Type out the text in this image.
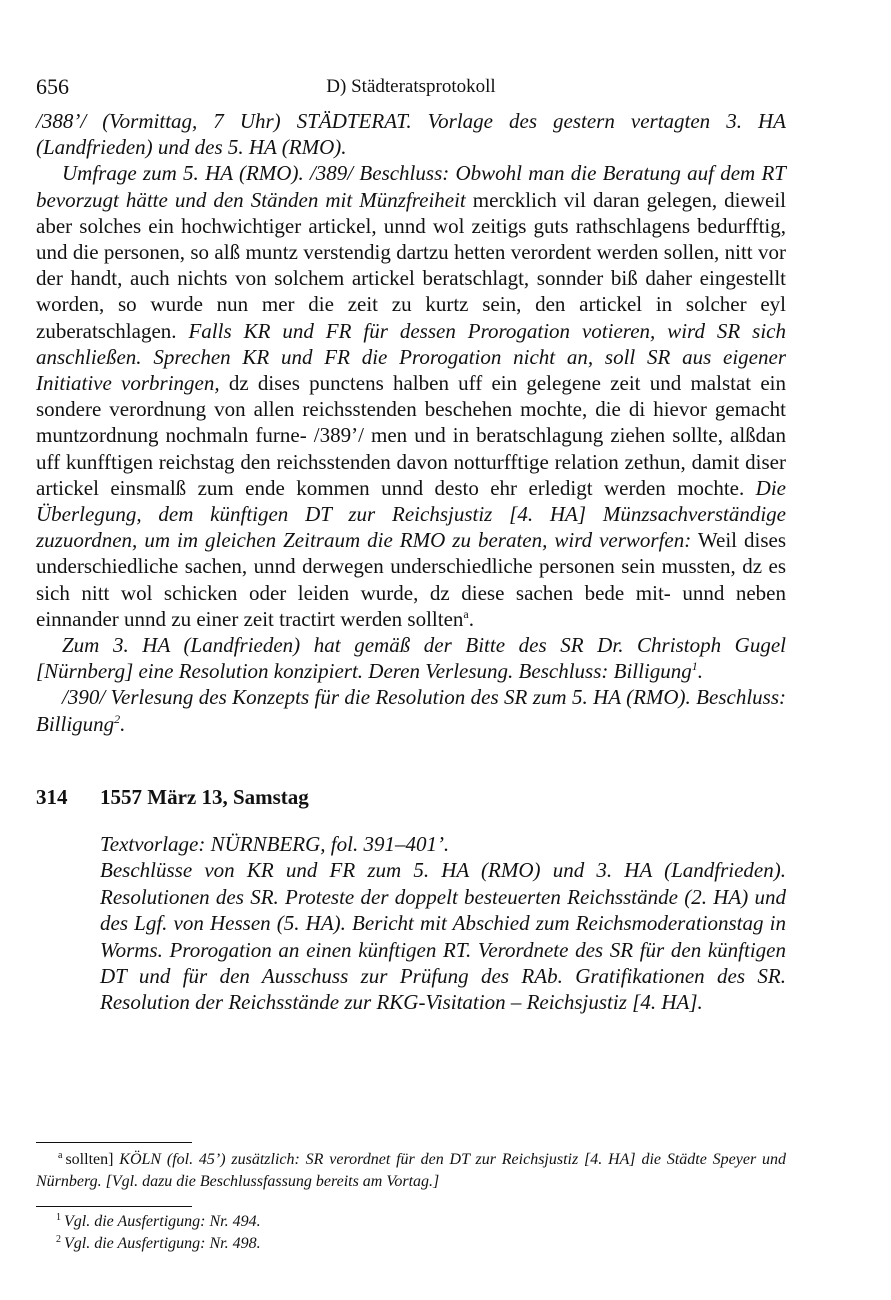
656	D) Städteratsprotokoll

/388’/ (Vormittag, 7 Uhr) STÄDTERAT. Vorlage des gestern vertagten 3. HA (Landfrieden) und des 5. HA (RMO).

Umfrage zum 5. HA (RMO). /389/ Beschluss: Obwohl man die Beratung auf dem RT bevorzugt hätte und den Ständen mit Münzfreiheit mercklich vil daran gelegen, dieweil aber solches ein hochwichtiger artickel, unnd wol zeitigs guts rathschlagens bedurfftig, und die personen, so alß muntz verstendig dartzu hetten verordent werden sollen, nitt vor der handt, auch nichts von solchem artickel beratschlagt, sonnder biß daher eingestellt worden, so wurde nun mer die zeit zu kurtz sein, den artickel in solcher eyl zuberatschlagen. Falls KR und FR für dessen Prorogation votieren, wird SR sich anschließen. Sprechen KR und FR die Prorogation nicht an, soll SR aus eigener Initiative vorbringen, dz dises punctens halben uff ein gelegene zeit und malstat ein sondere verordnung von allen reichsstenden beschehen mochte, die di hievor gemacht muntzordnung nochmaln furne- /389’/ men und in beratschlagung ziehen sollte, alßdan uff kunfftigen reichstag den reichsstenden davon notturfftige relation zethun, damit diser artickel einsmalß zum ende kommen unnd desto ehr erledigt werden mochte. Die Überlegung, dem künftigen DT zur Reichsjustiz [4. HA] Münzsachverständige zuzuordnen, um im gleichen Zeitraum die RMO zu beraten, wird verworfen: Weil dises underschiedliche sachen, unnd derwegen underschiedliche personen sein mussten, dz es sich nitt wol schicken oder leiden wurde, dz diese sachen bede mit- unnd neben einnander unnd zu einer zeit tractirt werden sollten$^a$.

Zum 3. HA (Landfrieden) hat gemäß der Bitte des SR Dr. Christoph Gugel [Nürnberg] eine Resolution konzipiert. Deren Verlesung. Beschluss: Billigung$^1$.

/390/ Verlesung des Konzepts für die Resolution des SR zum 5. HA (RMO). Beschluss: Billigung$^2$.

314 1557 März 13, Samstag

Textvorlage: NÜRNBERG, fol. 391–401’.

Beschlüsse von KR und FR zum 5. HA (RMO) und 3. HA (Landfrieden). Resolutionen des SR. Proteste der doppelt besteuerten Reichsstände (2. HA) und des Lgf. von Hessen (5. HA). Bericht mit Abschied zum Reichsmoderationstag in Worms. Prorogation an einen künftigen RT. Verordnete des SR für den künftigen DT und für den Ausschuss zur Prüfung des RAb. Gratifikationen des SR. Resolution der Reichsstände zur RKG-Visitation – Reichsjustiz [4. HA].

$^a$ sollten] KÖLN (fol. 45’) zusätzlich: SR verordnet für den DT zur Reichsjustiz [4. HA] die Städte Speyer und Nürnberg. [Vgl. dazu die Beschlussfassung bereits am Vortag.]

$^1$ Vgl. die Ausfertigung: Nr. 494.

$^2$ Vgl. die Ausfertigung: Nr. 498.
